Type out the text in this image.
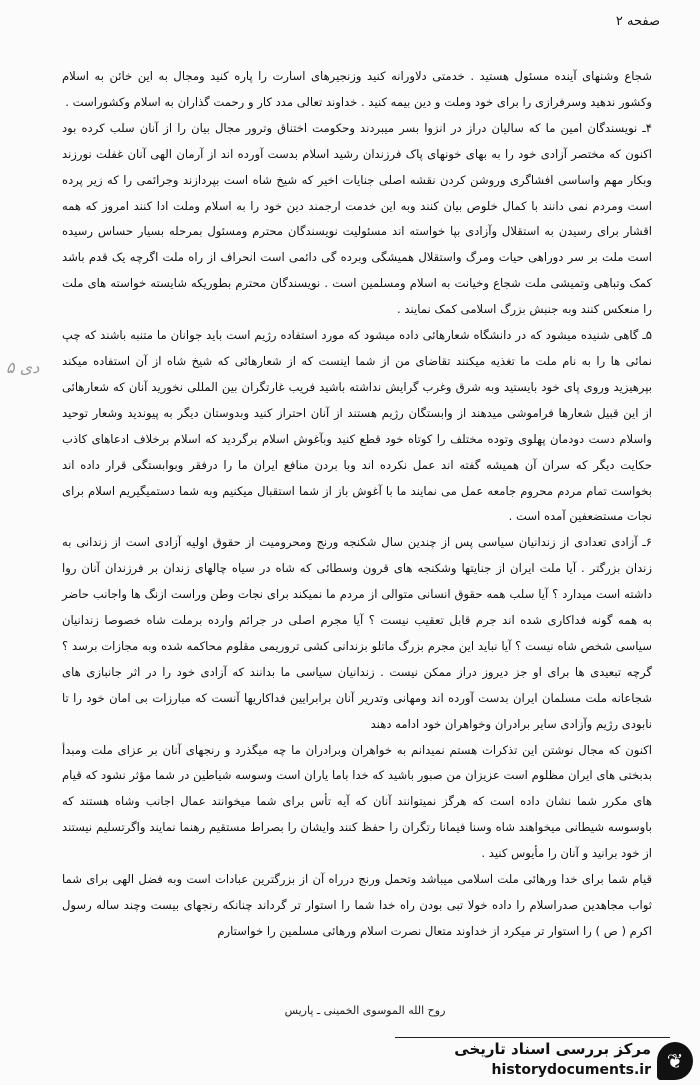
صفحه ۲
دی ۵

شجاع وشنهای آینده مسئول هستید . خدمتی دلاورانه کنید وزنجیرهای اسارت را پاره کنید ومجال به این خائن به اسلام وکشور ندهید وسرفرازی را برای خود وملت و دین بیمه کنید . خداوند تعالی مدد کار و رحمت گذاران به اسلام وکشوراست .

۴ـ نویسندگان امین ما که سالیان دراز در انزوا بسر میبردند وحکومت اختناق وترور مجال بیان را از آنان سلب کرده بود اکنون که مختصر آزادی خود را به بهای خونهای پاک فرزندان رشید اسلام بدست آورده اند از آرمان الهی آنان غفلت نورزند وبکار مهم واساسی افشاگری وروشن کردن نقشه اصلی جنایات اخیر که شیخ شاه است بپردازند وجرائمی را که زیر پرده است ومردم نمی دانند با کمال خلوص بیان کنند وبه این خدمت ارجمند دین خود را به اسلام وملت ادا کنند امروز که همه اقشار برای رسیدن به استقلال وآزادی بپا خواسته اند مسئولیت نویسندگان محترم ومسئول بمرحله بسیار حساس رسیده است ملت بر سر دوراهی حیات ومرگ واستقلال همیشگی وبرده گی دائمی است انحراف از راه ملت اگرچه یک قدم باشد کمک وتباهی وتمیشی ملت شجاع وخیانت به اسلام ومسلمین است . نویسندگان محترم بطوریکه شایسته خواسته های ملت را منعکس کنند وبه جنبش بزرگ اسلامی کمک نمایند .

۵ـ گاهی شنیده میشود که در دانشگاه شعارهائی داده میشود که مورد استفاده رژیم است باید جوانان ما متنبه باشند که چپ نمائی ها را به نام ملت ما تغذیه میکنند تقاضای من از شما اینست که از شعارهائی که شیخ شاه از آن استفاده میکند بپرهیزید وروی پای خود بایستید وبه شرق وغرب گرایش نداشته باشید فریب غارتگران بین المللی نخورید آنان که شعارهائی از این قبیل شعارها فراموشی میدهند از وابستگان رژیم هستند از آنان احتراز کنید وبدوستان دیگر به پیوندید وشعار توحید واسلام دست دودمان پهلوی وتوده مختلف را کوتاه خود قطع کنید وبآغوش اسلام برگردید که اسلام برخلاف ادعاهای کاذب حکایت دیگر که سران آن همیشه گفته اند عمل نکرده اند وبا بردن منافع ایران ما را درفقر وبوابستگی قرار داده اند بخواست تمام مردم محروم جامعه عمل می نمایند ما با آغوش باز از شما استقبال میکنیم وبه شما دستمیگیریم اسلام برای نجات مستضعفین آمده است .

۶ـ آزادی تعدادی از زندانیان سیاسی پس از چندین سال شکنجه ورنج ومحرومیت از حقوق اولیه آزادی است از زندانی به زندان بزرگتر . آیا ملت ایران از جنایتها وشکنجه های قرون وسطائی که شاه در سیاه چالهای زندان بر فرزندان آنان روا داشته است میدارد ؟ آیا سلب همه حقوق انسانی متوالی از مردم ما نمیکند برای نجات وطن وراست ازنگ ها واجانب حاضر به همه گونه فداکاری شده اند جرم قابل تعقیب نیست ؟ آیا مجرم اصلی در جرائم وارده برملت شاه خصوصا زندانیان سیاسی شخص شاه نیست ؟ آیا نباید این مجرم بزرگ ماتلو بزندانی کشی تروریمی مقلوم محاکمه شده وبه مجازات برسد ؟ گرچه تبعیدی ها برای او جز دیروز دراز ممکن نیست . زندانیان سیاسی ما بدانند که آزادی خود را در اثر جانبازی های شجاعانه ملت مسلمان ایران بدست آورده اند ومهانی وتدریر آنان برابرایین فداکاریها آنست که مبارزات بی امان خود را تا نابودی رژیم وآزادی سایر برادران وخواهران خود ادامه دهند

اکنون که مجال نوشتن این تذکرات هستم نمیدانم به خواهران وبرادران ما چه میگذرد و رنجهای آنان بر عزای ملت ومبدأ بدبختی های ایران مظلوم است عزیزان من صبور باشید که خدا باما یاران است وسوسه شیاطین در شما مؤثر نشود که قیام های مکرر شما نشان داده است که هرگز نمیتوانند آنان که آیه تأس برای شما میخوانند عمال اجانب وشاه هستند که باوسوسه شیطانی میخواهند شاه وسنا فیمانا رتگران را حفظ کنند وایشان را بصراط مستقیم رهنما نمایند واگرتسلیم نیستند از خود برانید و آنان را مأیوس کنید .

قیام شما برای خدا ورهائی ملت اسلامی میباشد وتحمل ورنج درراه آن از بزرگترین عبادات است وبه فضل الهی برای شما ثواب مجاهدین صدراسلام را داده خولا تبی بودن راه خدا شما را استوار تر گرداند چنانکه رنجهای بیست وچند ساله رسول اکرم ( ص ) را استوار تر میکرد از خداوند متعال نصرت اسلام ورهائی مسلمین را خواستارم

روح الله الموسوی الخمینی ـ پاریس
❦
مرکز بررسی اسناد تاریخی
historydocuments.ir
